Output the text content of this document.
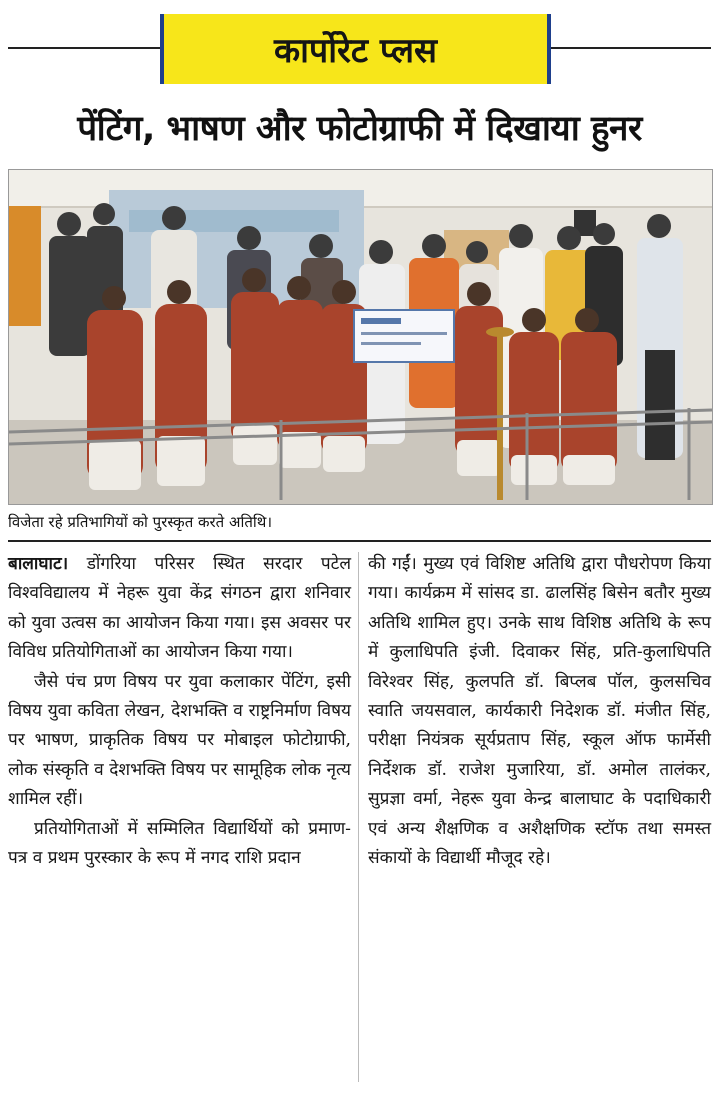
कार्पोरेट प्लस
पेंटिंग, भाषण और फोटोग्राफी में दिखाया हुनर
विजेता रहे प्रतिभागियों को पुरस्कृत करते अतिथि।

बालाघाट। डोंगरिया परिसर स्थित सरदार पटेल विश्वविद्यालय में नेहरू युवा केंद्र संगठन द्वारा शनिवार को युवा उत्वस का आयोजन किया गया। इस अवसर पर विविध प्रतियोगिताओं का आयोजन किया गया।

जैसे पंच प्रण विषय पर युवा कलाकार पेंटिंग, इसी विषय युवा कविता लेखन, देशभक्ति व राष्ट्रनिर्माण विषय पर भाषण, प्राकृतिक विषय पर मोबाइल फोटोग्राफी, लोक संस्कृति व देशभक्ति विषय पर सामूहिक लोक नृत्य शामिल रहीं।

प्रतियोगिताओं में सम्मिलित विद्यार्थियों को प्रमाण-पत्र व प्रथम पुरस्कार के रूप में नगद राशि प्रदान

की गईं। मुख्य एवं विशिष्ट अतिथि द्वारा पौधरोपण किया गया। कार्यक्रम में सांसद डा. ढालसिंह बिसेन बतौर मुख्य अतिथि शामिल हुए। उनके साथ विशिष्ठ अतिथि के रूप में कुलाधिपति इंजी. दिवाकर सिंह, प्रति-कुलाधिपति विरेश्वर सिंह, कुलपति डॉ. बिप्लब पॉल, कुलसचिव स्वाति जयसवाल, कार्यकारी निदेशक डॉ. मंजीत सिंह, परीक्षा नियंत्रक सूर्यप्रताप सिंह, स्कूल ऑफ फार्मेसी निर्देशक डॉ. राजेश मुजारिया, डॉ. अमोल तालंकर, सुप्रज्ञा वर्मा, नेहरू युवा केन्द्र बालाघाट के पदाधिकारी एवं अन्य शैक्षणिक व अशैक्षणिक स्टॉफ तथा समस्त संकायों के विद्यार्थी मौजूद रहे।
